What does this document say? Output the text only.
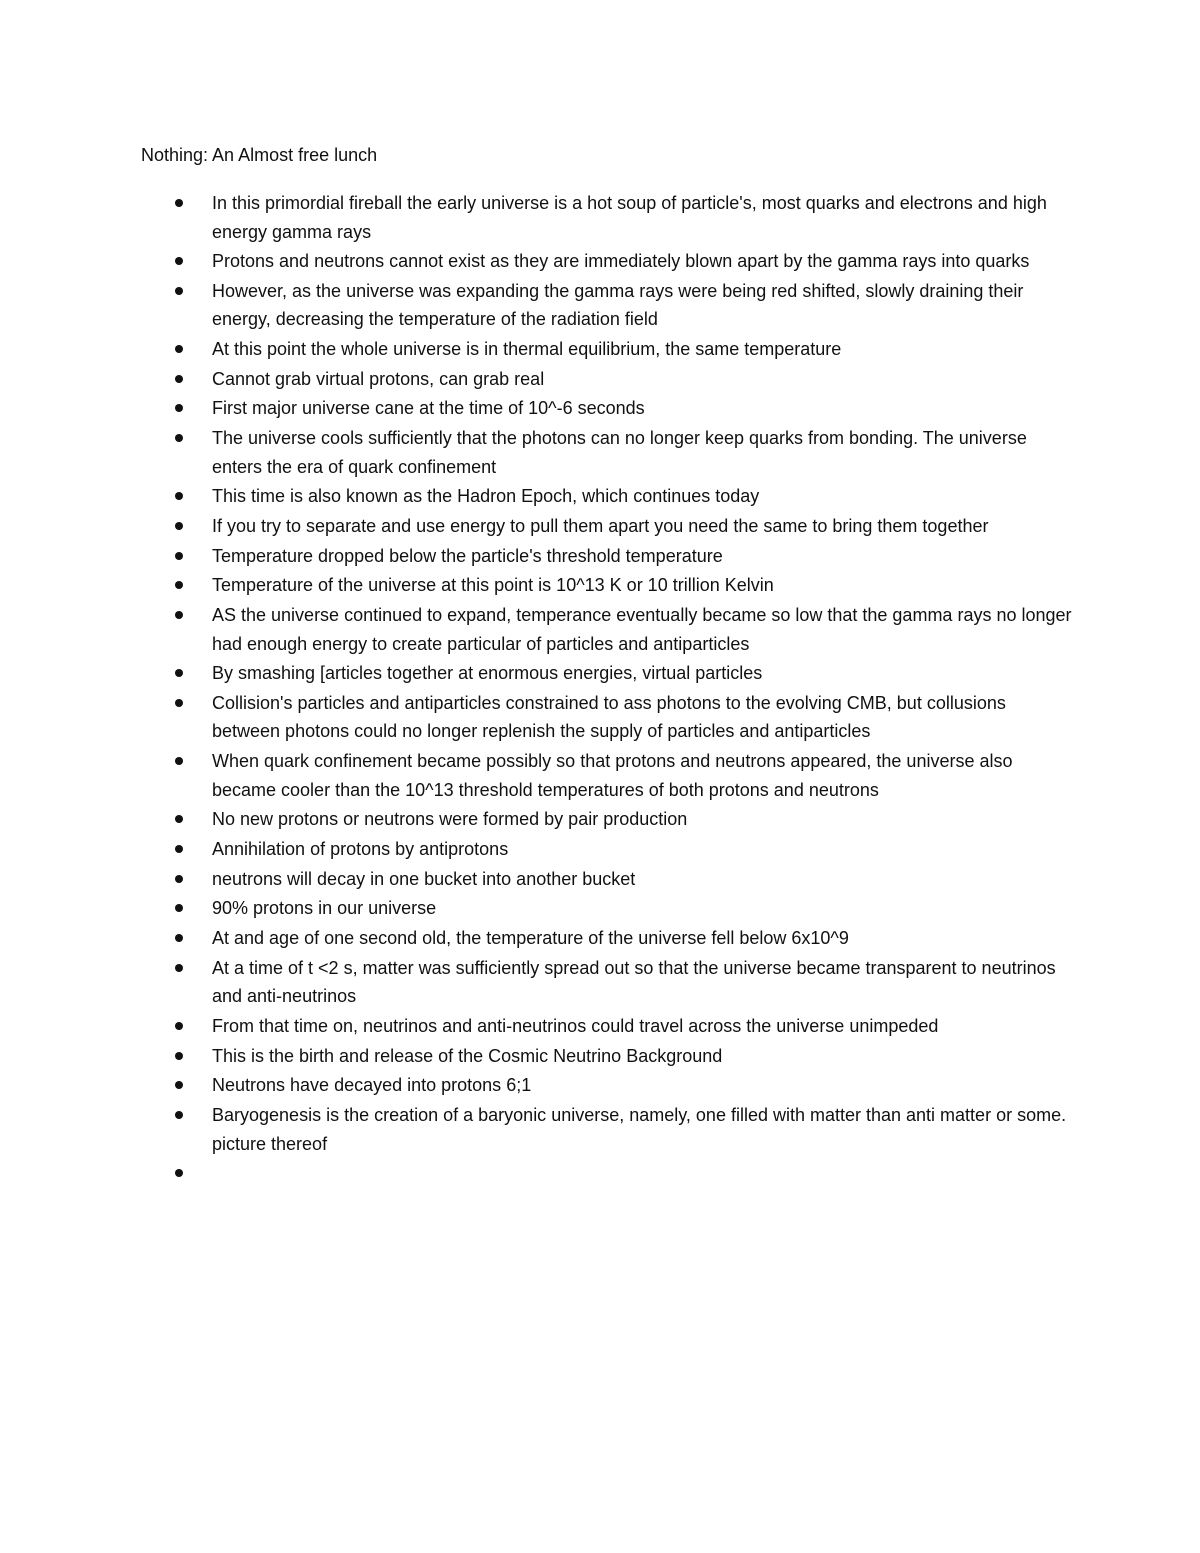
Nothing: An Almost free lunch
In this primordial fireball the early universe is a hot soup of particle's, most quarks and electrons and high energy gamma rays
Protons and neutrons cannot exist as they are immediately blown apart by the gamma rays into quarks
However, as the universe was expanding the gamma rays were being red shifted, slowly draining their energy, decreasing the temperature of the radiation field
At this point the whole universe is in thermal equilibrium, the same temperature
Cannot grab virtual protons, can grab real
First major universe cane at the time of 10^-6 seconds
The universe cools sufficiently that the photons can no longer keep quarks from bonding. The universe enters the era of quark confinement
This time is also known as the Hadron Epoch, which continues today
If you try to separate and use energy to pull them apart you need the same to bring them together
Temperature dropped below the particle's threshold temperature
Temperature of the universe at this point is 10^13 K or 10 trillion Kelvin
AS the universe continued to expand, temperance eventually became so low that the gamma rays no longer had enough energy to create particular of particles and antiparticles
By smashing [articles together at enormous energies, virtual particles
Collision's particles and antiparticles constrained to ass photons to the evolving CMB, but collusions between photons could no longer replenish the supply of particles and antiparticles
When quark confinement became possibly so that protons and neutrons appeared, the universe also became cooler than the 10^13 threshold temperatures of both protons and neutrons
No new protons or neutrons were formed by pair production
Annihilation of protons by antiprotons
neutrons will decay in one bucket into another bucket
90% protons in our universe
At and age of one second old, the temperature of the universe fell below 6x10^9
At a time of t <2 s, matter was sufficiently spread out so that the universe became transparent to neutrinos and anti-neutrinos
From that time on, neutrinos and anti-neutrinos could travel across the universe unimpeded
This is the birth and release of the Cosmic Neutrino Background
Neutrons have decayed into protons 6;1
Baryogenesis is the creation of a baryonic universe, namely, one filled with matter than anti matter or some. picture thereof
